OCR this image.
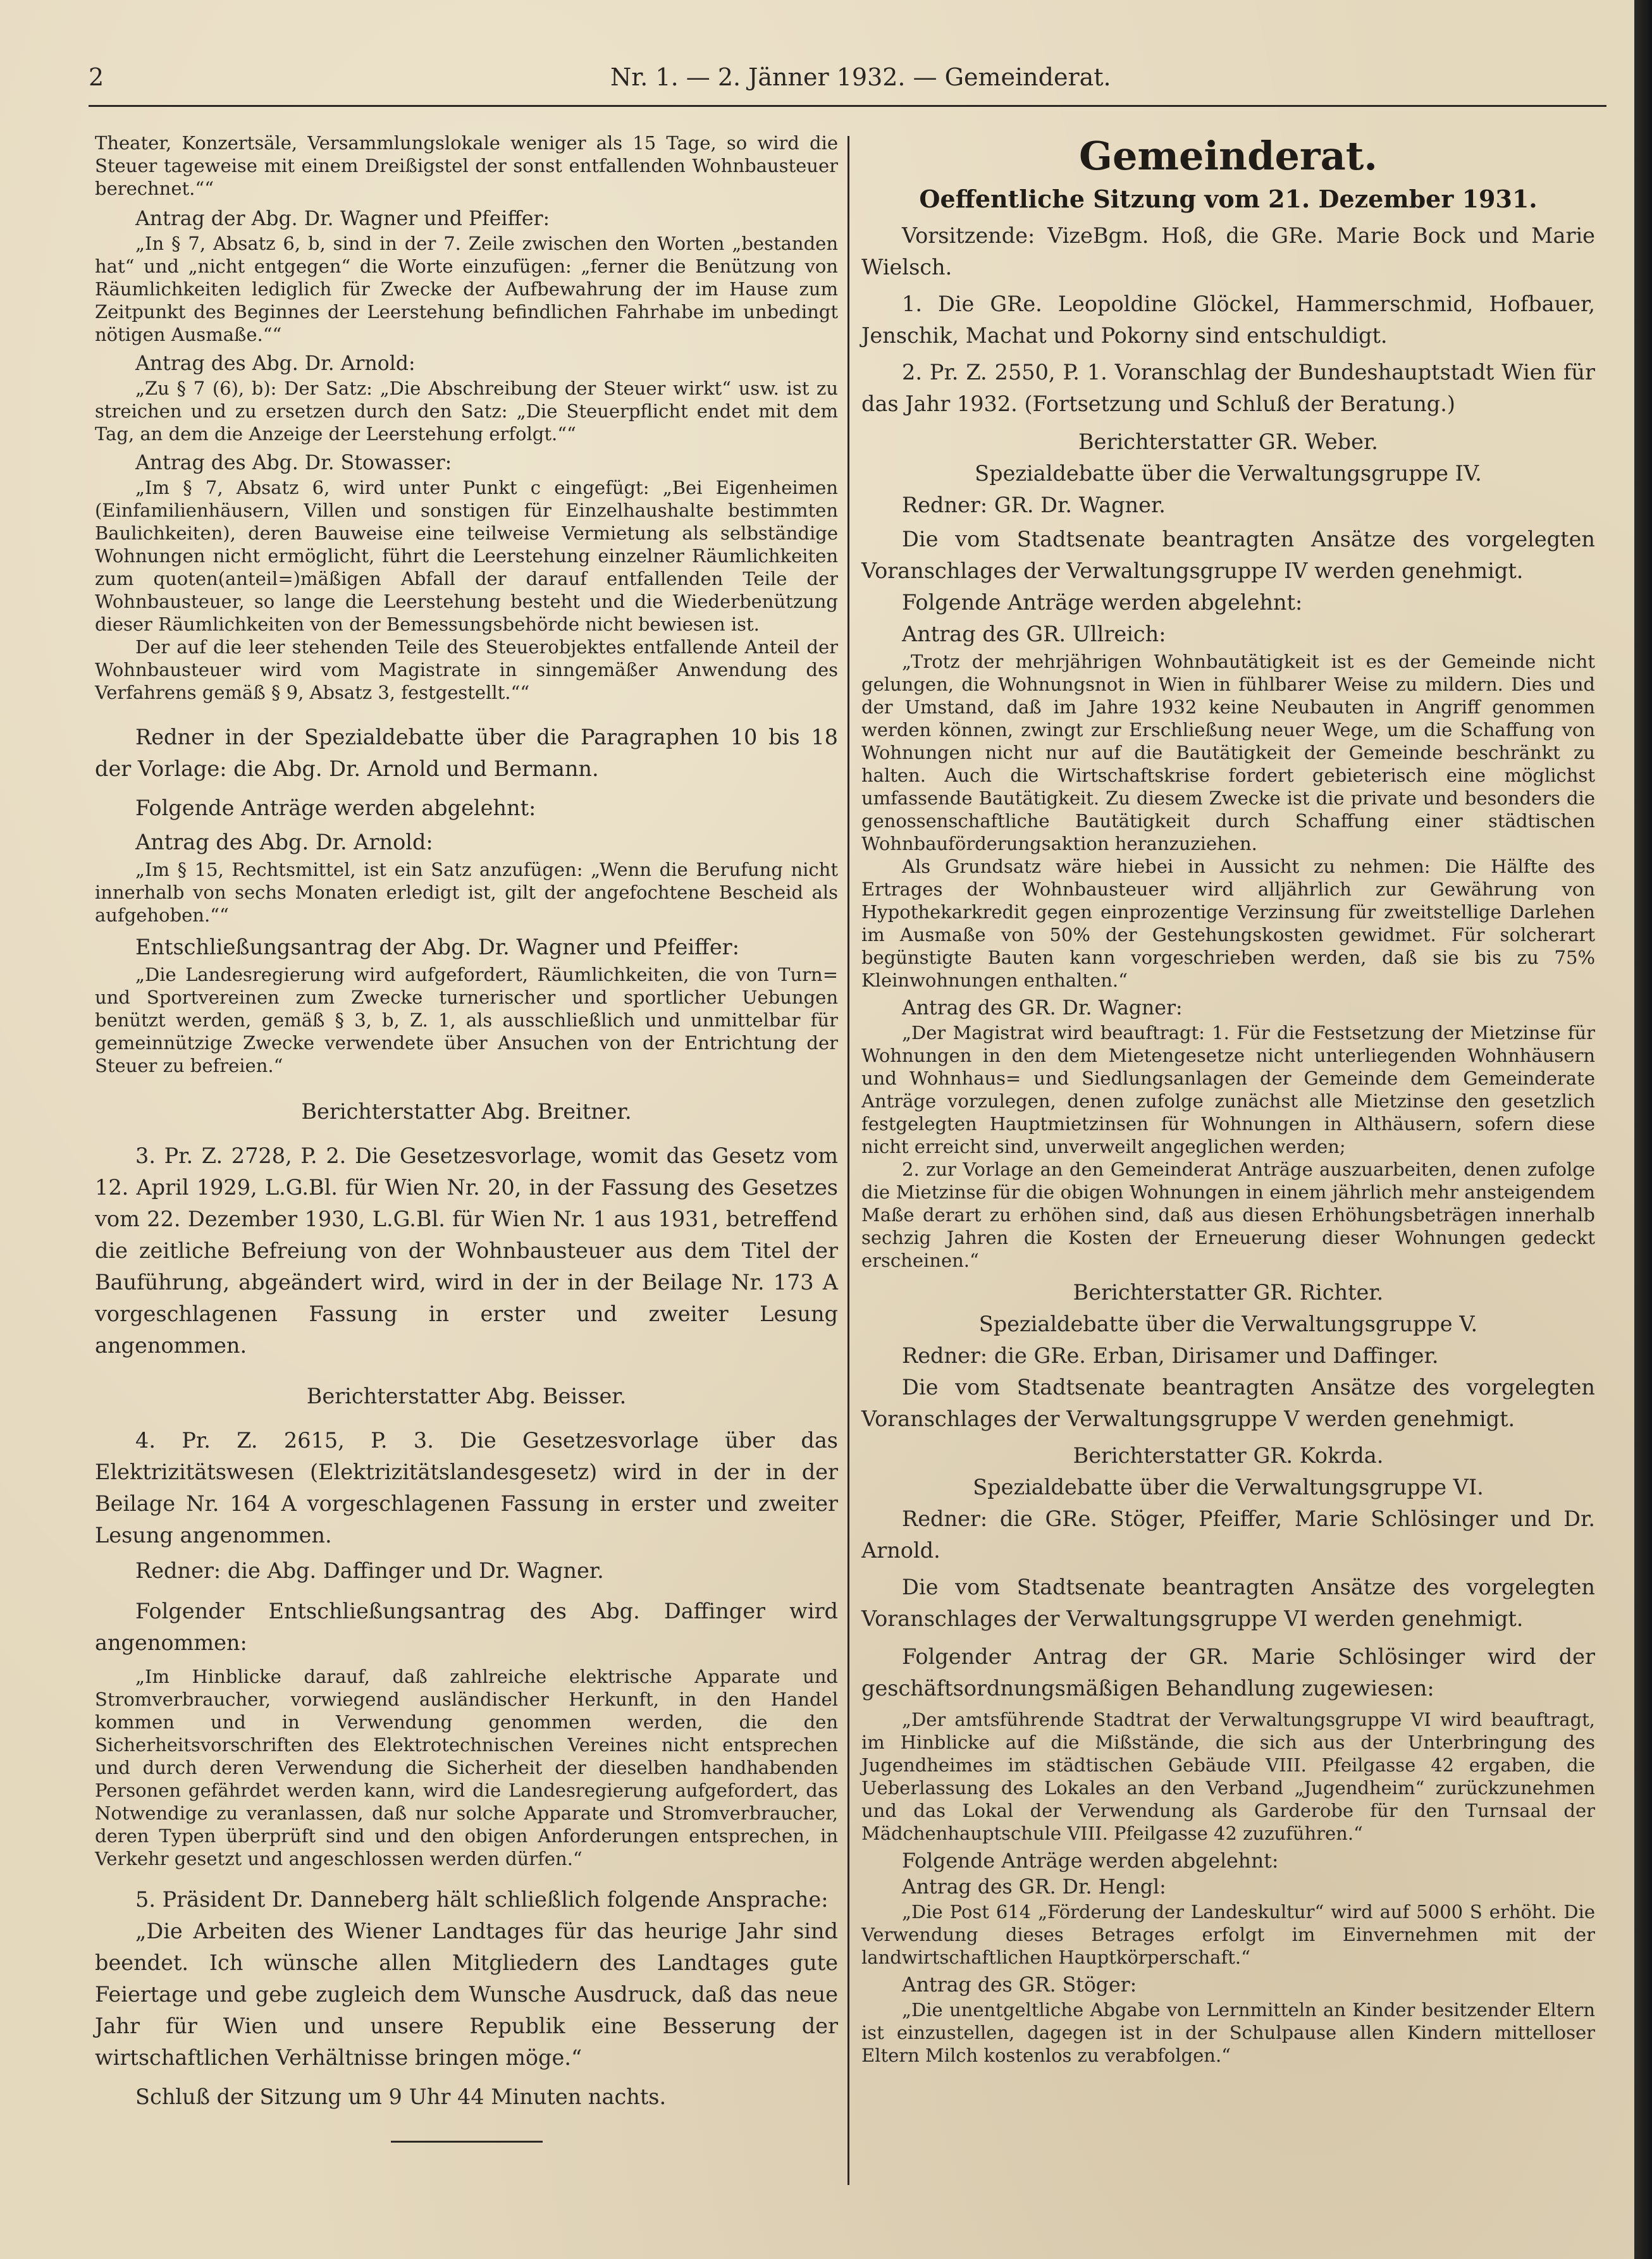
2	Nr. 1. — 2. Jänner 1932. — Gemeinderat.

Theater, Konzertsäle, Versammlungslokale weniger als 15 Tage, so wird die Steuer tageweise mit einem Dreißigstel der sonst entfallenden Wohnbausteuer berechnet.““

Antrag der Abg. Dr. Wagner und Pfeiffer:

„In § 7, Absatz 6, b, sind in der 7. Zeile zwischen den Worten „bestanden hat“ und „nicht entgegen“ die Worte einzufügen: „ferner die Benützung von Räumlichkeiten lediglich für Zwecke der Aufbewahrung der im Hause zum Zeitpunkt des Beginnes der Leerstehung befindlichen Fahrhabe im unbedingt nötigen Ausmaße.““

Antrag des Abg. Dr. Arnold:

„Zu § 7 (6), b): Der Satz: „Die Abschreibung der Steuer wirkt“ usw. ist zu streichen und zu ersetzen durch den Satz: „Die Steuerpflicht endet mit dem Tag, an dem die Anzeige der Leerstehung erfolgt.““

Antrag des Abg. Dr. Stowasser:

„Im § 7, Absatz 6, wird unter Punkt c eingefügt: „Bei Eigenheimen (Einfamilienhäusern, Villen und sonstigen für Einzelhaushalte bestimmten Baulichkeiten), deren Bauweise eine teilweise Vermietung als selbständige Wohnungen nicht ermöglicht, führt die Leerstehung einzelner Räumlichkeiten zum quoten(anteil=)mäßigen Abfall der darauf entfallenden Teile der Wohnbausteuer, so lange die Leerstehung besteht und die Wiederbenützung dieser Räumlichkeiten von der Bemessungsbehörde nicht bewiesen ist.

Der auf die leer stehenden Teile des Steuerobjektes entfallende Anteil der Wohnbausteuer wird vom Magistrate in sinngemäßer Anwendung des Verfahrens gemäß § 9, Absatz 3, festgestellt.““

Redner in der Spezialdebatte über die Paragraphen 10 bis 18 der Vorlage: die Abg. Dr. Arnold und Bermann.

Folgende Anträge werden abgelehnt:

Antrag des Abg. Dr. Arnold:

„Im § 15, Rechtsmittel, ist ein Satz anzufügen: „Wenn die Berufung nicht innerhalb von sechs Monaten erledigt ist, gilt der angefochtene Bescheid als aufgehoben.““

Entschließungsantrag der Abg. Dr. Wagner und Pfeiffer:

„Die Landesregierung wird aufgefordert, Räumlichkeiten, die von Turn= und Sportvereinen zum Zwecke turnerischer und sportlicher Uebungen benützt werden, gemäß § 3, b, Z. 1, als ausschließlich und unmittelbar für gemeinnützige Zwecke verwendete über Ansuchen von der Entrichtung der Steuer zu befreien.“

Berichterstatter Abg. Breitner.

3. Pr. Z. 2728, P. 2. Die Gesetzesvorlage, womit das Gesetz vom 12. April 1929, L.G.Bl. für Wien Nr. 20, in der Fassung des Gesetzes vom 22. Dezember 1930, L.G.Bl. für Wien Nr. 1 aus 1931, betreffend die zeitliche Befreiung von der Wohnbausteuer aus dem Titel der Bauführung, abgeändert wird, wird in der in der Beilage Nr. 173 A vorgeschlagenen Fassung in erster und zweiter Lesung angenommen.

Berichterstatter Abg. Beisser.

4. Pr. Z. 2615, P. 3. Die Gesetzesvorlage über das Elektrizitätswesen (Elektrizitätslandesgesetz) wird in der in der Beilage Nr. 164 A vorgeschlagenen Fassung in erster und zweiter Lesung angenommen.

Redner: die Abg. Daffinger und Dr. Wagner.

Folgender Entschließungsantrag des Abg. Daffinger wird angenommen:

„Im Hinblicke darauf, daß zahlreiche elektrische Apparate und Stromverbraucher, vorwiegend ausländischer Herkunft, in den Handel kommen und in Verwendung genommen werden, die den Sicherheitsvorschriften des Elektrotechnischen Vereines nicht entsprechen und durch deren Verwendung die Sicherheit der dieselben handhabenden Personen gefährdet werden kann, wird die Landesregierung aufgefordert, das Notwendige zu veranlassen, daß nur solche Apparate und Stromverbraucher, deren Typen überprüft sind und den obigen Anforderungen entsprechen, in Verkehr gesetzt und angeschlossen werden dürfen.“

5. Präsident Dr. Danneberg hält schließlich folgende Ansprache:

„Die Arbeiten des Wiener Landtages für das heurige Jahr sind beendet. Ich wünsche allen Mitgliedern des Landtages gute Feiertage und gebe zugleich dem Wunsche Ausdruck, daß das neue Jahr für Wien und unsere Republik eine Besserung der wirtschaftlichen Verhältnisse bringen möge.“

Schluß der Sitzung um 9 Uhr 44 Minuten nachts.

Gemeinderat.
Oeffentliche Sitzung vom 21. Dezember 1931.

Vorsitzende: VizeBgm. Hoß, die GRe. Marie Bock und Marie Wielsch.

1. Die GRe. Leopoldine Glöckel, Hammerschmid, Hofbauer, Jenschik, Machat und Pokorny sind entschuldigt.

2. Pr. Z. 2550, P. 1. Voranschlag der Bundeshauptstadt Wien für das Jahr 1932. (Fortsetzung und Schluß der Beratung.)

Berichterstatter GR. Weber.

Spezialdebatte über die Verwaltungsgruppe IV.

Redner: GR. Dr. Wagner.

Die vom Stadtsenate beantragten Ansätze des vorgelegten Voranschlages der Verwaltungsgruppe IV werden genehmigt.

Folgende Anträge werden abgelehnt:

Antrag des GR. Ullreich:

„Trotz der mehrjährigen Wohnbautätigkeit ist es der Gemeinde nicht gelungen, die Wohnungsnot in Wien in fühlbarer Weise zu mildern. Dies und der Umstand, daß im Jahre 1932 keine Neubauten in Angriff genommen werden können, zwingt zur Erschließung neuer Wege, um die Schaffung von Wohnungen nicht nur auf die Bautätigkeit der Gemeinde beschränkt zu halten. Auch die Wirtschaftskrise fordert gebieterisch eine möglichst umfassende Bautätigkeit. Zu diesem Zwecke ist die private und besonders die genossenschaftliche Bautätigkeit durch Schaffung einer städtischen Wohnbauförderungsaktion heranzuziehen.

Als Grundsatz wäre hiebei in Aussicht zu nehmen: Die Hälfte des Ertrages der Wohnbausteuer wird alljährlich zur Gewährung von Hypothekarkredit gegen einprozentige Verzinsung für zweitstellige Darlehen im Ausmaße von 50% der Gestehungskosten gewidmet. Für solcherart begünstigte Bauten kann vorgeschrieben werden, daß sie bis zu 75% Kleinwohnungen enthalten.“

Antrag des GR. Dr. Wagner:

„Der Magistrat wird beauftragt: 1. Für die Festsetzung der Mietzinse für Wohnungen in den dem Mietengesetze nicht unterliegenden Wohnhäusern und Wohnhaus= und Siedlungsanlagen der Gemeinde dem Gemeinderate Anträge vorzulegen, denen zufolge zunächst alle Mietzinse den gesetzlich festgelegten Hauptmietzinsen für Wohnungen in Althäusern, sofern diese nicht erreicht sind, unverweilt angeglichen werden;

2. zur Vorlage an den Gemeinderat Anträge auszuarbeiten, denen zufolge die Mietzinse für die obigen Wohnungen in einem jährlich mehr ansteigendem Maße derart zu erhöhen sind, daß aus diesen Erhöhungsbeträgen innerhalb sechzig Jahren die Kosten der Erneuerung dieser Wohnungen gedeckt erscheinen.“

Berichterstatter GR. Richter.

Spezialdebatte über die Verwaltungsgruppe V.

Redner: die GRe. Erban, Dirisamer und Daffinger.

Die vom Stadtsenate beantragten Ansätze des vorgelegten Voranschlages der Verwaltungsgruppe V werden genehmigt.

Berichterstatter GR. Kokrda.

Spezialdebatte über die Verwaltungsgruppe VI.

Redner: die GRe. Stöger, Pfeiffer, Marie Schlösinger und Dr. Arnold.

Die vom Stadtsenate beantragten Ansätze des vorgelegten Voranschlages der Verwaltungsgruppe VI werden genehmigt.

Folgender Antrag der GR. Marie Schlösinger wird der geschäftsordnungsmäßigen Behandlung zugewiesen:

„Der amtsführende Stadtrat der Verwaltungsgruppe VI wird beauftragt, im Hinblicke auf die Mißstände, die sich aus der Unterbringung des Jugendheimes im städtischen Gebäude VIII. Pfeilgasse 42 ergaben, die Ueberlassung des Lokales an den Verband „Jugendheim“ zurückzunehmen und das Lokal der Verwendung als Garderobe für den Turnsaal der Mädchenhauptschule VIII. Pfeilgasse 42 zuzuführen.“

Folgende Anträge werden abgelehnt:

Antrag des GR. Dr. Hengl:

„Die Post 614 „Förderung der Landeskultur“ wird auf 5000 S erhöht. Die Verwendung dieses Betrages erfolgt im Einvernehmen mit der landwirtschaftlichen Hauptkörperschaft.“

Antrag des GR. Stöger:

„Die unentgeltliche Abgabe von Lernmitteln an Kinder besitzender Eltern ist einzustellen, dagegen ist in der Schulpause allen Kindern mittelloser Eltern Milch kostenlos zu verabfolgen.“
